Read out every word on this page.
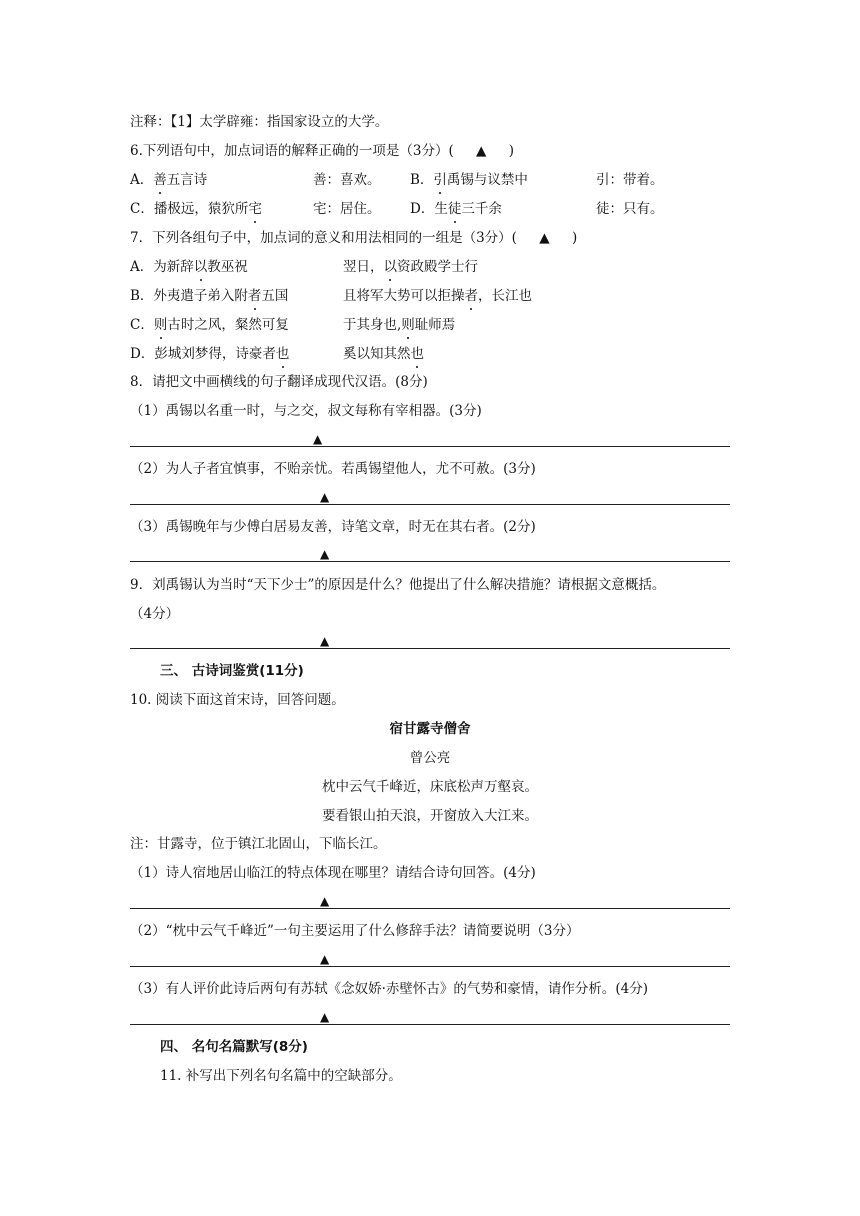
注释：【1】太学辟雍：指国家设立的大学。
6.下列语句中，加点词语的解释正确的一项是（3分）( ▲ )
A．善五言诗	善：喜欢。 B．引禹锡与议禁中	引：带着。
C．播极远，猿狖所宅	宅：居住。 D．生徒三千余	徒：只有。
7．下列各组句子中，加点词的意义和用法相同的一组是（3分）( ▲ )
A．为新辞以教巫祝	翌日，以资政殿学士行
B．外夷遣子弟入附者五国	且将军大势可以拒操者，长江也
C．则古时之风，粲然可复	于其身也,则耻师焉
D．彭城刘梦得，诗豪者也	奚以知其然也
8．请把文中画横线的句子翻译成现代汉语。(8分)
（1）禹锡以名重一时，与之交，叔文每称有宰相器。(3分)
▲
（2）为人子者宜慎事，不贻亲忧。若禹锡望他人，尤不可赦。(3分)
▲
（3）禹锡晚年与少傅白居易友善，诗笔文章，时无在其右者。(2分)
▲
9．刘禹锡认为当时“天下少士”的原因是什么？他提出了什么解决措施？请根据文意概括。
（4分）
▲
三、 古诗词鉴赏(11分)
10. 阅读下面这首宋诗，回答问题。
宿甘露寺僧舍
曾公亮
枕中云气千峰近，床底松声万壑哀。
要看银山拍天浪，开窗放入大江来。
注：甘露寺，位于镇江北固山，下临长江。
（1）诗人宿地居山临江的特点体现在哪里？请结合诗句回答。(4分)
▲
（2）“枕中云气千峰近”一句主要运用了什么修辞手法？请简要说明（3分）
▲
（3）有人评价此诗后两句有苏轼《念奴娇·赤壁怀古》的气势和豪情，请作分析。(4分)
▲
四、 名句名篇默写(8分)
11. 补写出下列名句名篇中的空缺部分。
